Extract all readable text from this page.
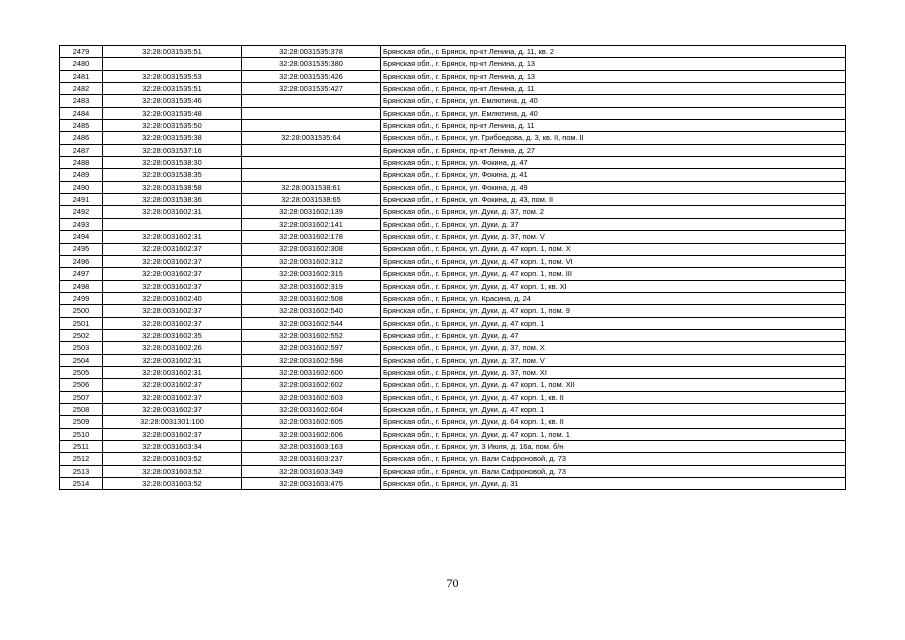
2479	32:28:0031535:51	32:28:0031535:378	Брянская обл., г. Брянск, пр-кт Ленина, д. 11, кв. 2
2480		32:28:0031535:380	Брянская обл., г. Брянск, пр-кт Ленина, д. 13
2481	32:28:0031535:53	32:28:0031535:426	Брянская обл., г. Брянск, пр-кт Ленина, д. 13
2482	32:28:0031535:51	32:28:0031535:427	Брянская обл., г. Брянск, пр-кт Ленина, д. 11
2483	32:28:0031535:46		Брянская обл., г. Брянск, ул. Емлютина, д. 40
2484	32:28:0031535:48		Брянская обл., г. Брянск, ул. Емлютина, д. 40
2485	32:28:0031535:50		Брянская обл., г. Брянск, пр-кт Ленина, д. 11
2486	32:28:0031535:38	32:28:0031535:64	Брянская обл., г. Брянск, ул. Грибоедова, д. 3, кв. II, пом. II
2487	32:28:0031537:16		Брянская обл., г. Брянск, пр-кт Ленина, д. 27
2488	32:28:0031538:30		Брянская обл., г. Брянск, ул. Фокина, д. 47
2489	32:28:0031538:35		Брянская обл., г. Брянск, ул. Фокина, д. 41
2490	32:28:0031538:58	32:28:0031538:61	Брянская обл., г. Брянск, ул. Фокина, д. 49
2491	32:28:0031538:36	32:28:0031538:65	Брянская обл., г. Брянск, ул. Фокина, д. 43, пом. II
2492	32:28:0031602:31	32:28:0031602:139	Брянская обл., г. Брянск, ул. Дуки, д. 37, пом. 2
2493		32:28:0031602:141	Брянская обл., г. Брянск, ул. Дуки, д. 37
2494	32:28:0031602:31	32:28:0031602:178	Брянская обл., г. Брянск, ул. Дуки, д. 37, пом. V
2495	32:28:0031602:37	32:28:0031602:308	Брянская обл., г. Брянск, ул. Дуки, д. 47 корп. 1, пом. X
2496	32:28:0031602:37	32:28:0031602:312	Брянская обл., г. Брянск, ул. Дуки, д. 47 корп. 1, пом. VI
2497	32:28:0031602:37	32:28:0031602:315	Брянская обл., г. Брянск, ул. Дуки, д. 47 корп. 1, пом. III
2498	32:28:0031602:37	32:28:0031602:319	Брянская обл., г. Брянск, ул. Дуки, д. 47 корп. 1, кв. XI
2499	32:28:0031602:40	32:28:0031602:508	Брянская обл., г. Брянск, ул. Красина, д. 24
2500	32:28:0031602:37	32:28:0031602:540	Брянская обл., г. Брянск, ул. Дуки, д. 47 корп. 1, пом. 9
2501	32:28:0031602:37	32:28:0031602:544	Брянская обл., г. Брянск, ул. Дуки, д. 47 корп. 1
2502	32:28:0031602:35	32:28:0031602:552	Брянская обл., г. Брянск, ул. Дуки, д. 47
2503	32:28:0031602:26	32:28:0031602:597	Брянская обл., г. Брянск, ул. Дуки, д. 37, пом. X
2504	32:28:0031602:31	32:28:0031602:598	Брянская обл., г. Брянск, ул. Дуки, д. 37, пом. V
2505	32:28:0031602:31	32:28:0031602:600	Брянская обл., г. Брянск, ул. Дуки, д. 37, пом. XI
2506	32:28:0031602:37	32:28:0031602:602	Брянская обл., г. Брянск, ул. Дуки, д. 47 корп. 1, пом. XII
2507	32:28:0031602:37	32:28:0031602:603	Брянская обл., г. Брянск, ул. Дуки, д. 47 корп. 1, кв. II
2508	32:28:0031602:37	32:28:0031602:604	Брянская обл., г. Брянск, ул. Дуки, д. 47 корп. 1
2509	32:28:0031301:100	32:28:0031602:605	Брянская обл., г. Брянск, ул. Дуки, д. 64 корп. 1, кв. II
2510	32:28:0031602:37	32:28:0031602:606	Брянская обл., г. Брянск, ул. Дуки, д. 47 корп. 1, пом. 1
2511	32:28:0031603:34	32:28:0031603:163	Брянская обл., г. Брянск, ул. 3 Июля, д. 16а, пом. б/н
2512	32:28:0031603:52	32:28:0031603:237	Брянская обл., г. Брянск, ул. Вали Сафроновой, д. 73
2513	32:28:0031603:52	32:28:0031603:349	Брянская обл., г. Брянск, ул. Вали Сафроновой, д. 73
2514	32:28:0031603:52	32:28:0031603:475	Брянская обл., г. Брянск, ул. Дуки, д. 31
70
